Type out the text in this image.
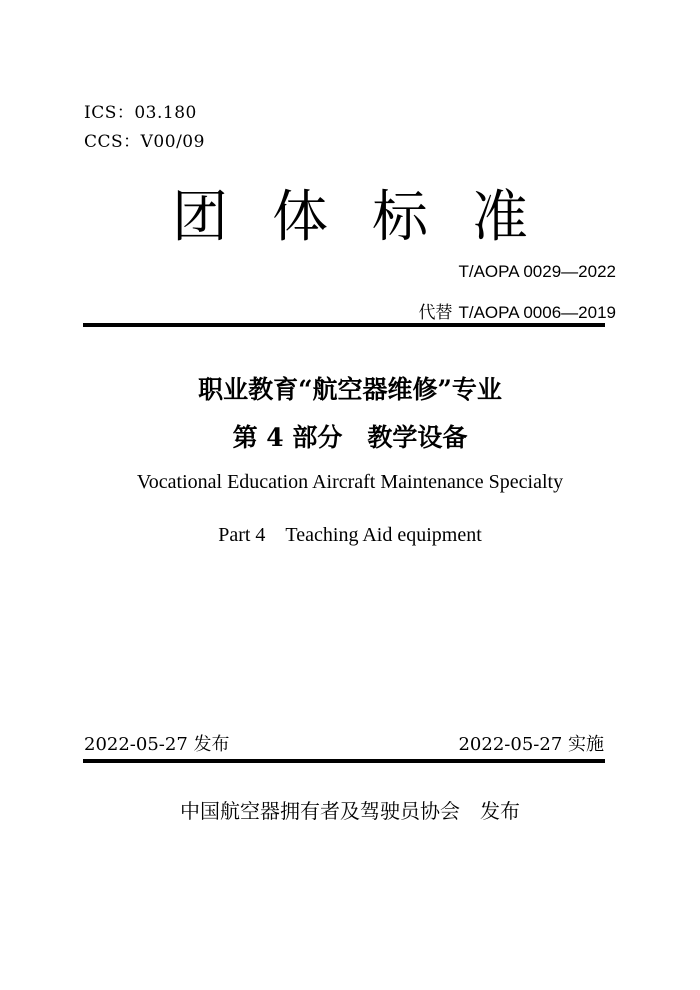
ICS：03.180
CCS：V00/09
团体标准
T/AOPA 0029—2022
代替 T/AOPA 0006—2019
职业教育“航空器维修”专业
第 4 部分　教学设备
Vocational Education Aircraft Maintenance Specialty
Part 4　Teaching Aid equipment
2022-05-27 发布	2022-05-27 实施
中国航空器拥有者及驾驶员协会　发布
